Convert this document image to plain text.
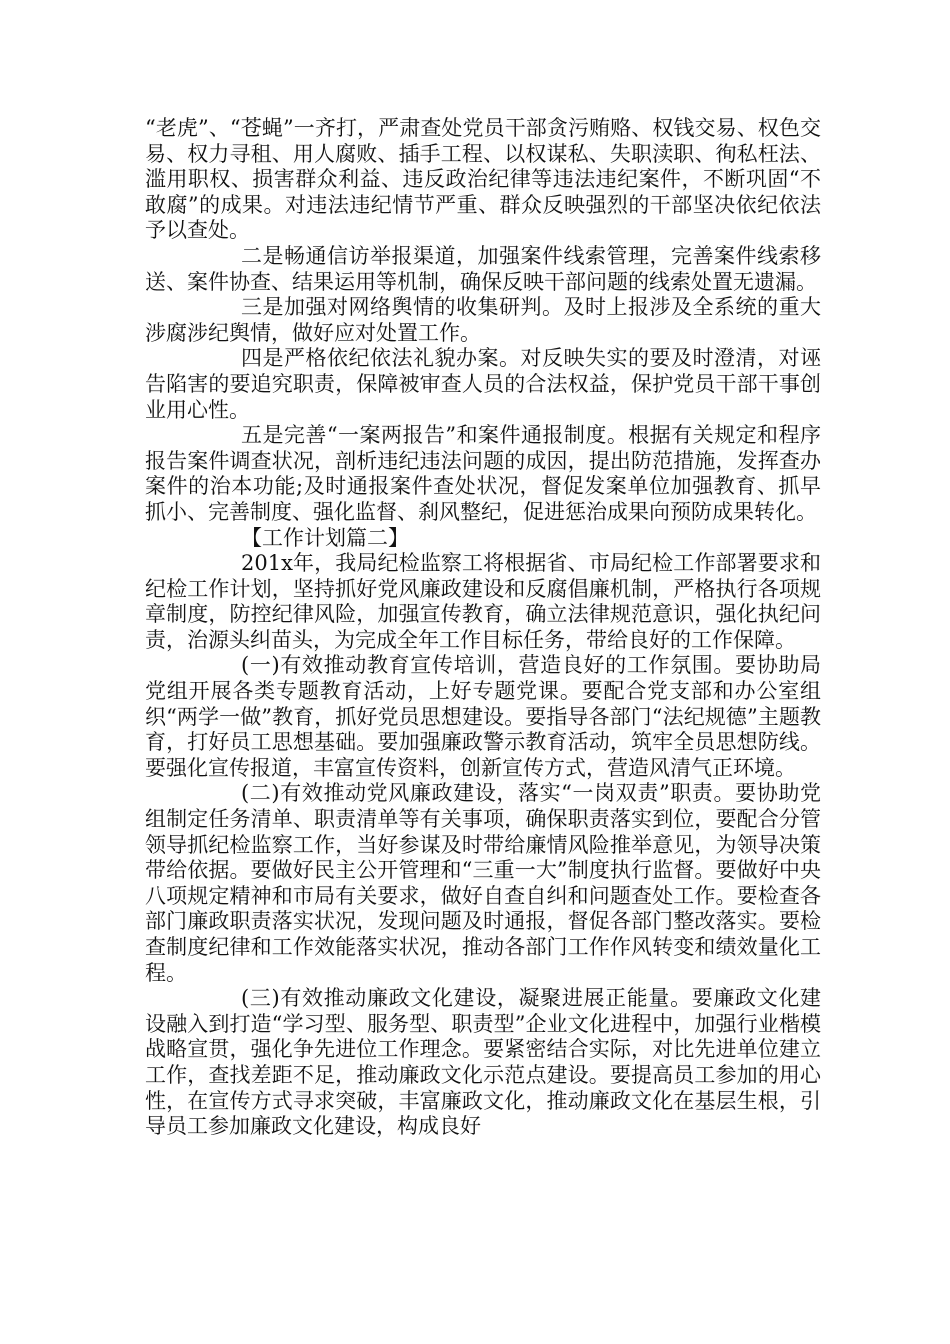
“老虎”、“苍蝇”一齐打，严肃查处党员干部贪污贿赂、权钱交易、权色交易、权力寻租、用人腐败、插手工程、以权谋私、失职渎职、徇私枉法、滥用职权、损害群众利益、违反政治纪律等违法违纪案件，不断巩固“不敢腐”的成果。对违法违纪情节严重、群众反映强烈的干部坚决依纪依法予以查处。

二是畅通信访举报渠道，加强案件线索管理，完善案件线索移送、案件协查、结果运用等机制，确保反映干部问题的线索处置无遗漏。

三是加强对网络舆情的收集研判。及时上报涉及全系统的重大涉腐涉纪舆情，做好应对处置工作。

四是严格依纪依法礼貌办案。对反映失实的要及时澄清，对诬告陷害的要追究职责，保障被审查人员的合法权益，保护党员干部干事创业用心性。

五是完善“一案两报告”和案件通报制度。根据有关规定和程序报告案件调查状况，剖析违纪违法问题的成因，提出防范措施，发挥查办案件的治本功能;及时通报案件查处状况，督促发案单位加强教育、抓早抓小、完善制度、强化监督、刹风整纪，促进惩治成果向预防成果转化。

【工作计划篇二】

201x年，我局纪检监察工将根据省、市局纪检工作部署要求和纪检工作计划，坚持抓好党风廉政建设和反腐倡廉机制，严格执行各项规章制度，防控纪律风险，加强宣传教育，确立法律规范意识，强化执纪问责，治源头纠苗头，为完成全年工作目标任务，带给良好的工作保障。

(一)有效推动教育宣传培训，营造良好的工作氛围。要协助局党组开展各类专题教育活动，上好专题党课。要配合党支部和办公室组织“两学一做”教育，抓好党员思想建设。要指导各部门“法纪规德”主题教育，打好员工思想基础。要加强廉政警示教育活动，筑牢全员思想防线。要强化宣传报道，丰富宣传资料，创新宣传方式，营造风清气正环境。

(二)有效推动党风廉政建设，落实“一岗双责”职责。要协助党组制定任务清单、职责清单等有关事项，确保职责落实到位，要配合分管领导抓纪检监察工作，当好参谋及时带给廉情风险推举意见，为领导决策带给依据。要做好民主公开管理和“三重一大”制度执行监督。要做好中央八项规定精神和市局有关要求，做好自查自纠和问题查处工作。要检查各部门廉政职责落实状况，发现问题及时通报，督促各部门整改落实。要检查制度纪律和工作效能落实状况，推动各部门工作作风转变和绩效量化工程。

(三)有效推动廉政文化建设，凝聚进展正能量。要廉政文化建设融入到打造“学习型、服务型、职责型”企业文化进程中，加强行业楷模战略宣贯，强化争先进位工作理念。要紧密结合实际，对比先进单位建立工作，查找差距不足，推动廉政文化示范点建设。要提高员工参加的用心性，在宣传方式寻求突破，丰富廉政文化，推动廉政文化在基层生根，引导员工参加廉政文化建设，构成良好
